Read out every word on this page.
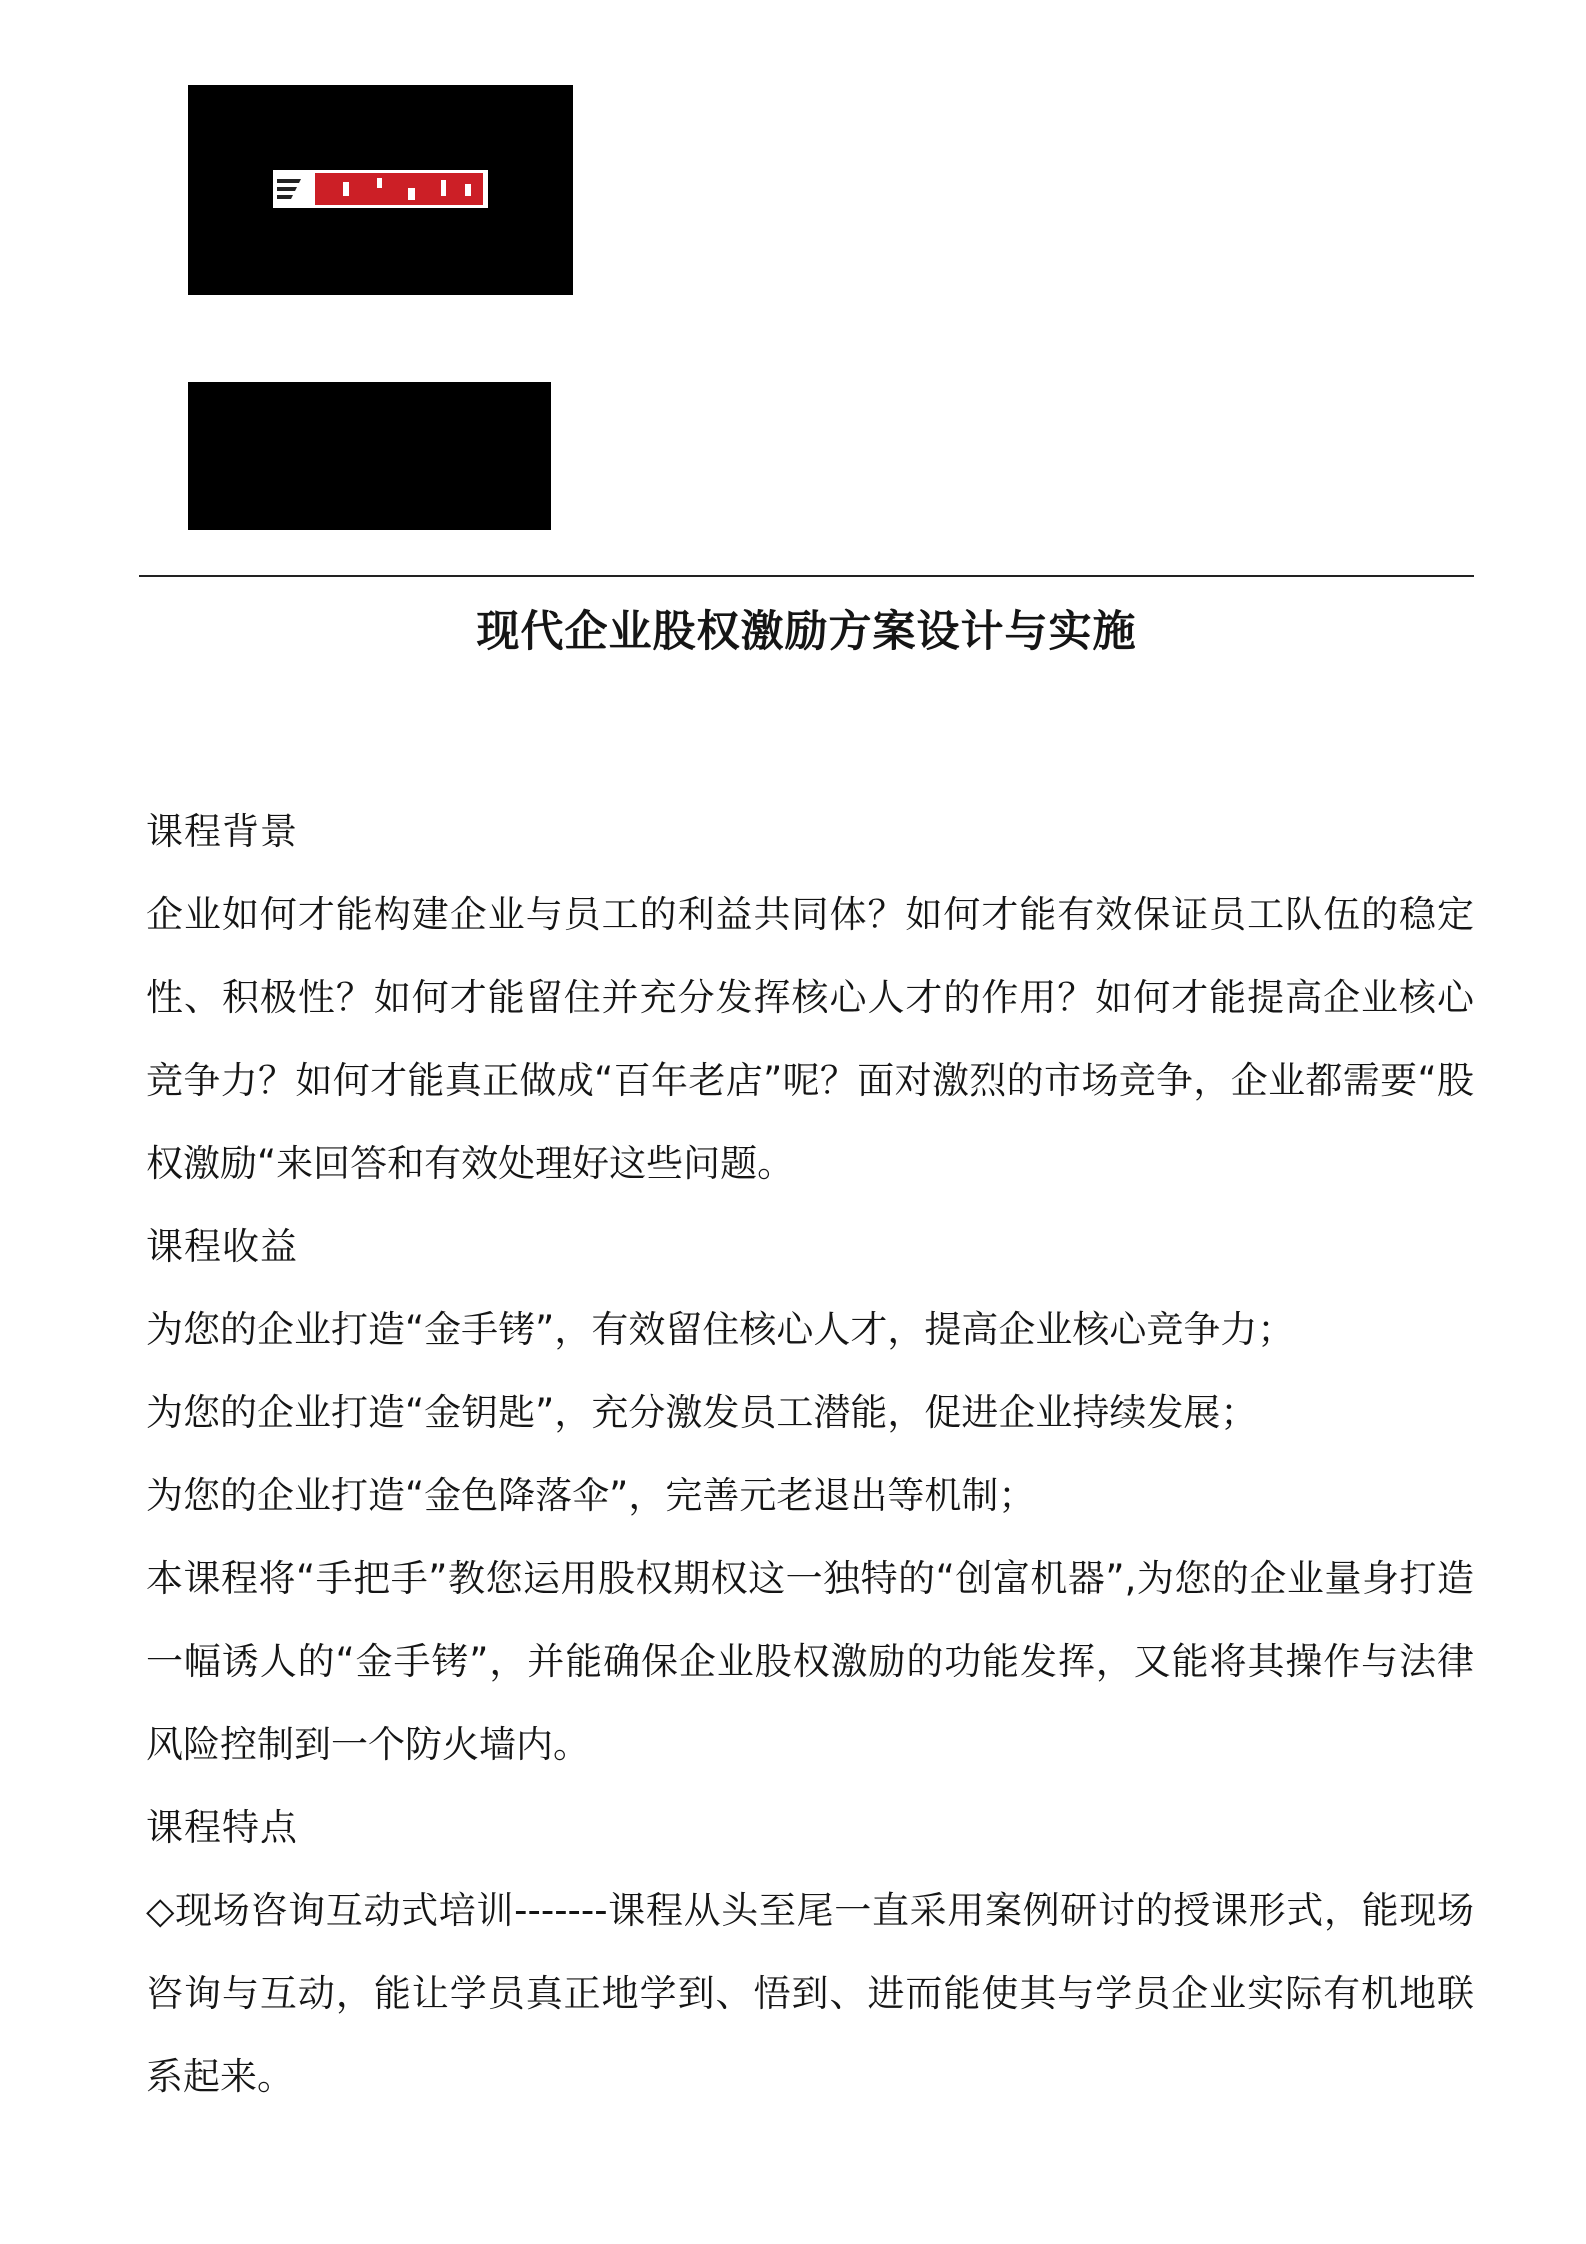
现代企业股权激励方案设计与实施

课程背景

企业如何才能构建企业与员工的利益共同体？如何才能有效保证员工队伍的稳定性、积极性？如何才能留住并充分发挥核心人才的作用？如何才能提高企业核心竞争力？如何才能真正做成“百年老店”呢？面对激烈的市场竞争，企业都需要“股权激励“来回答和有效处理好这些问题。

课程收益

为您的企业打造“金手铐”，有效留住核心人才，提高企业核心竞争力；

为您的企业打造“金钥匙”，充分激发员工潜能，促进企业持续发展；

为您的企业打造“金色降落伞”，完善元老退出等机制；

本课程将“手把手”教您运用股权期权这一独特的“创富机器”,为您的企业量身打造一幅诱人的“金手铐”，并能确保企业股权激励的功能发挥，又能将其操作与法律风险控制到一个防火墙内。

课程特点

◇现场咨询互动式培训-------课程从头至尾一直采用案例研讨的授课形式，能现场咨询与互动，能让学员真正地学到、悟到、进而能使其与学员企业实际有机地联系起来。
